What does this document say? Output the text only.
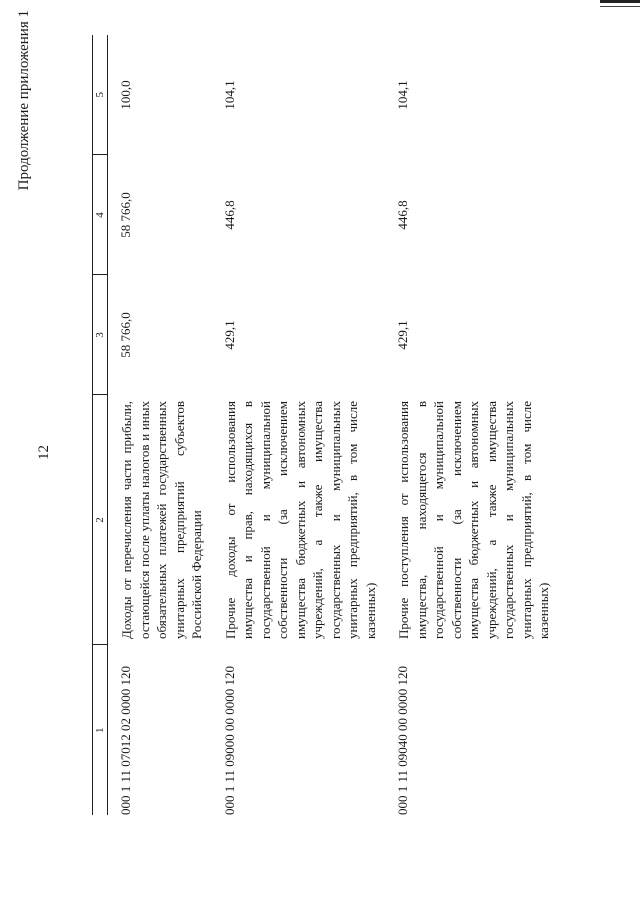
12
Продолжение приложения 1
1	2	3	4	5
000 1 11 07012 02 0000 120	Доходы от перечисления части прибыли, остающейся после уплаты налогов и иных обязательных платежей государственных унитарных предприятий субъектов Российской Федерации	58 766,0	58 766,0	100,0
000 1 11 09000 00 0000 120	Прочие доходы от использования имущества и прав, находящихся в государственной и муниципальной собственности (за исключением имущества бюджетных и автономных учреждений, а также имущества государственных и муниципальных унитарных предприятий, в том числе казенных)	429,1	446,8	104,1
000 1 11 09040 00 0000 120	Прочие поступления от использования имущества, находящегося в государственной и муниципальной собственности (за исключением имущества бюджетных и автономных учреждений, а также имущества государственных и муниципальных унитарных предприятий, в том числе казенных)	429,1	446,8	104,1
